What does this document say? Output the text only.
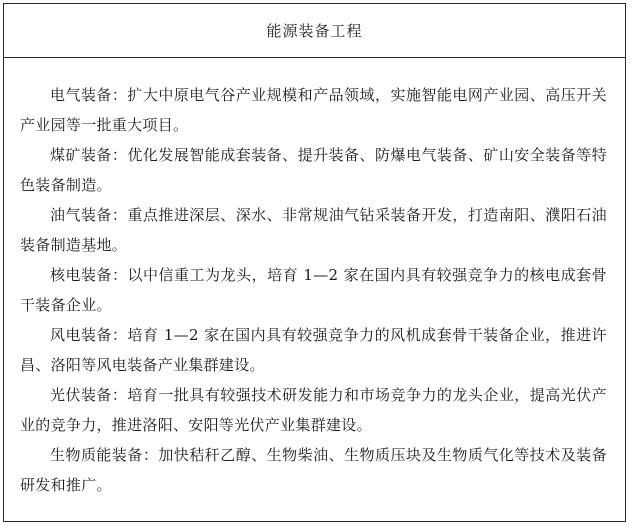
能源装备工程

电气装备：扩大中原电气谷产业规模和产品领域，实施智能电网产业园、高压开关产业园等一批重大项目。

煤矿装备：优化发展智能成套装备、提升装备、防爆电气装备、矿山安全装备等特色装备制造。

油气装备：重点推进深层、深水、非常规油气钻采装备开发，打造南阳、濮阳石油装备制造基地。

核电装备：以中信重工为龙头，培育 1—2 家在国内具有较强竞争力的核电成套骨干装备企业。

风电装备：培育 1—2 家在国内具有较强竞争力的风机成套骨干装备企业，推进许昌、洛阳等风电装备产业集群建设。

光伏装备：培育一批具有较强技术研发能力和市场竞争力的龙头企业，提高光伏产业的竞争力，推进洛阳、安阳等光伏产业集群建设。

生物质能装备：加快秸秆乙醇、生物柴油、生物质压块及生物质气化等技术及装备研发和推广。
